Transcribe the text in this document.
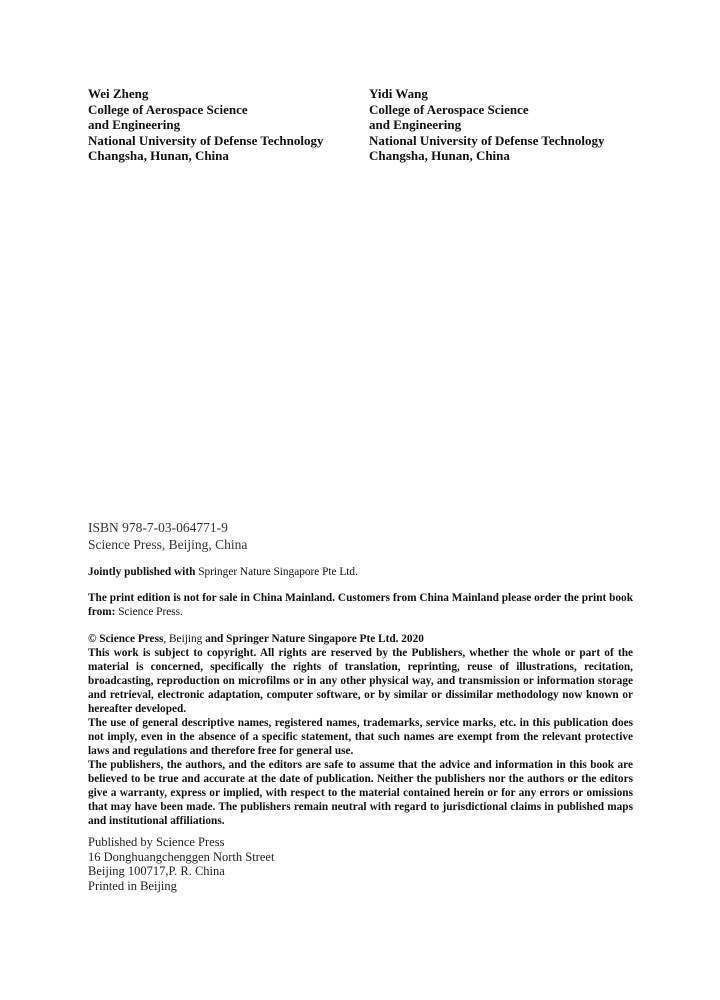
Wei Zheng
College of Aerospace Science
and Engineering
National University of Defense Technology
Changsha, Hunan, China
Yidi Wang
College of Aerospace Science
and Engineering
National University of Defense Technology
Changsha, Hunan, China
ISBN 978-7-03-064771-9
Science Press, Beijing, China
Jointly published with Springer Nature Singapore Pte Ltd.
The print edition is not for sale in China Mainland. Customers from China Mainland please order the print book from: Science Press.
© Science Press, Beijing and Springer Nature Singapore Pte Ltd. 2020
This work is subject to copyright. All rights are reserved by the Publishers, whether the whole or part of the material is concerned, specifically the rights of translation, reprinting, reuse of illustrations, recitation, broadcasting, reproduction on microfilms or in any other physical way, and transmission or information storage and retrieval, electronic adaptation, computer software, or by similar or dissimilar methodology now known or hereafter developed.
The use of general descriptive names, registered names, trademarks, service marks, etc. in this publication does not imply, even in the absence of a specific statement, that such names are exempt from the relevant protective laws and regulations and therefore free for general use.
The publishers, the authors, and the editors are safe to assume that the advice and information in this book are believed to be true and accurate at the date of publication. Neither the publishers nor the authors or the editors give a warranty, express or implied, with respect to the material contained herein or for any errors or omissions that may have been made. The publishers remain neutral with regard to jurisdictional claims in published maps and institutional affiliations.
Published by Science Press
16 Donghuangchenggen North Street
Beijing 100717,P. R. China
Printed in Beijing
